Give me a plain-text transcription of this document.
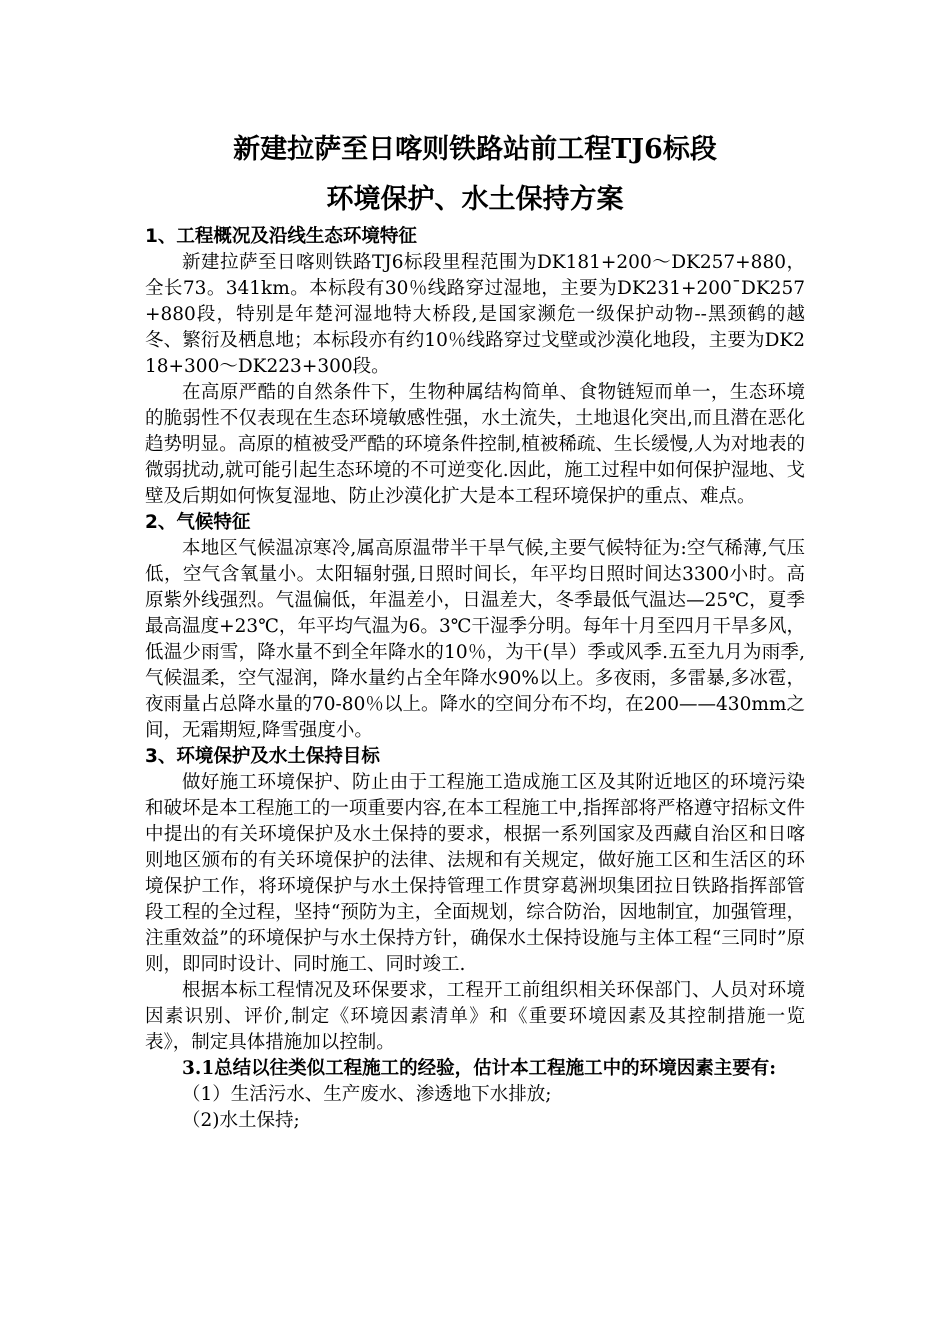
新建拉萨至日喀则铁路站前工程TJ6标段
环境保护、水土保持方案
1、工程概况及沿线生态环境特征
新建拉萨至日喀则铁路TJ6标段里程范围为DK181+200～DK257+880，全长73。341km。本标段有30％线路穿过湿地，主要为DK231+200¯DK257+880段，特别是年楚河湿地特大桥段,是国家濒危一级保护动物--黑颈鹤的越冬、繁衍及栖息地；本标段亦有约10％线路穿过戈壁或沙漠化地段，主要为DK218+300～DK223+300段。
在高原严酷的自然条件下，生物种属结构简单、食物链短而单一，生态环境的脆弱性不仅表现在生态环境敏感性强，水土流失，土地退化突出,而且潜在恶化趋势明显。高原的植被受严酷的环境条件控制,植被稀疏、生长缓慢,人为对地表的微弱扰动,就可能引起生态环境的不可逆变化.因此，施工过程中如何保护湿地、戈壁及后期如何恢复湿地、防止沙漠化扩大是本工程环境保护的重点、难点。
2、气候特征
本地区气候温凉寒冷,属高原温带半干旱气候,主要气候特征为:空气稀薄,气压低，空气含氧量小。太阳辐射强,日照时间长，年平均日照时间达3300小时。高原紫外线强烈。气温偏低，年温差小，日温差大，冬季最低气温达—25℃，夏季最高温度+23℃，年平均气温为6。3℃干湿季分明。每年十月至四月干旱多风，低温少雨雪，降水量不到全年降水的10％，为干(旱）季或风季.五至九月为雨季,气候温柔，空气湿润，降水量约占全年降水90%以上。多夜雨，多雷暴,多冰雹，夜雨量占总降水量的70-80％以上。降水的空间分布不均，在200——430mm之间，无霜期短,降雪强度小。
3、环境保护及水土保持目标
做好施工环境保护、防止由于工程施工造成施工区及其附近地区的环境污染和破坏是本工程施工的一项重要内容,在本工程施工中,指挥部将严格遵守招标文件中提出的有关环境保护及水土保持的要求，根据一系列国家及西藏自治区和日喀则地区颁布的有关环境保护的法律、法规和有关规定，做好施工区和生活区的环境保护工作，将环境保护与水土保持管理工作贯穿葛洲坝集团拉日铁路指挥部管段工程的全过程，坚持“预防为主，全面规划，综合防治，因地制宜，加强管理，注重效益”的环境保护与水土保持方针，确保水土保持设施与主体工程“三同时”原则，即同时设计、同时施工、同时竣工.
根据本标工程情况及环保要求，工程开工前组织相关环保部门、人员对环境因素识别、评价,制定《环境因素清单》和《重要环境因素及其控制措施一览表》，制定具体措施加以控制。
3.1总结以往类似工程施工的经验，估计本工程施工中的环境因素主要有:
（1）生活污水、生产废水、渗透地下水排放;
（2)水土保持;
